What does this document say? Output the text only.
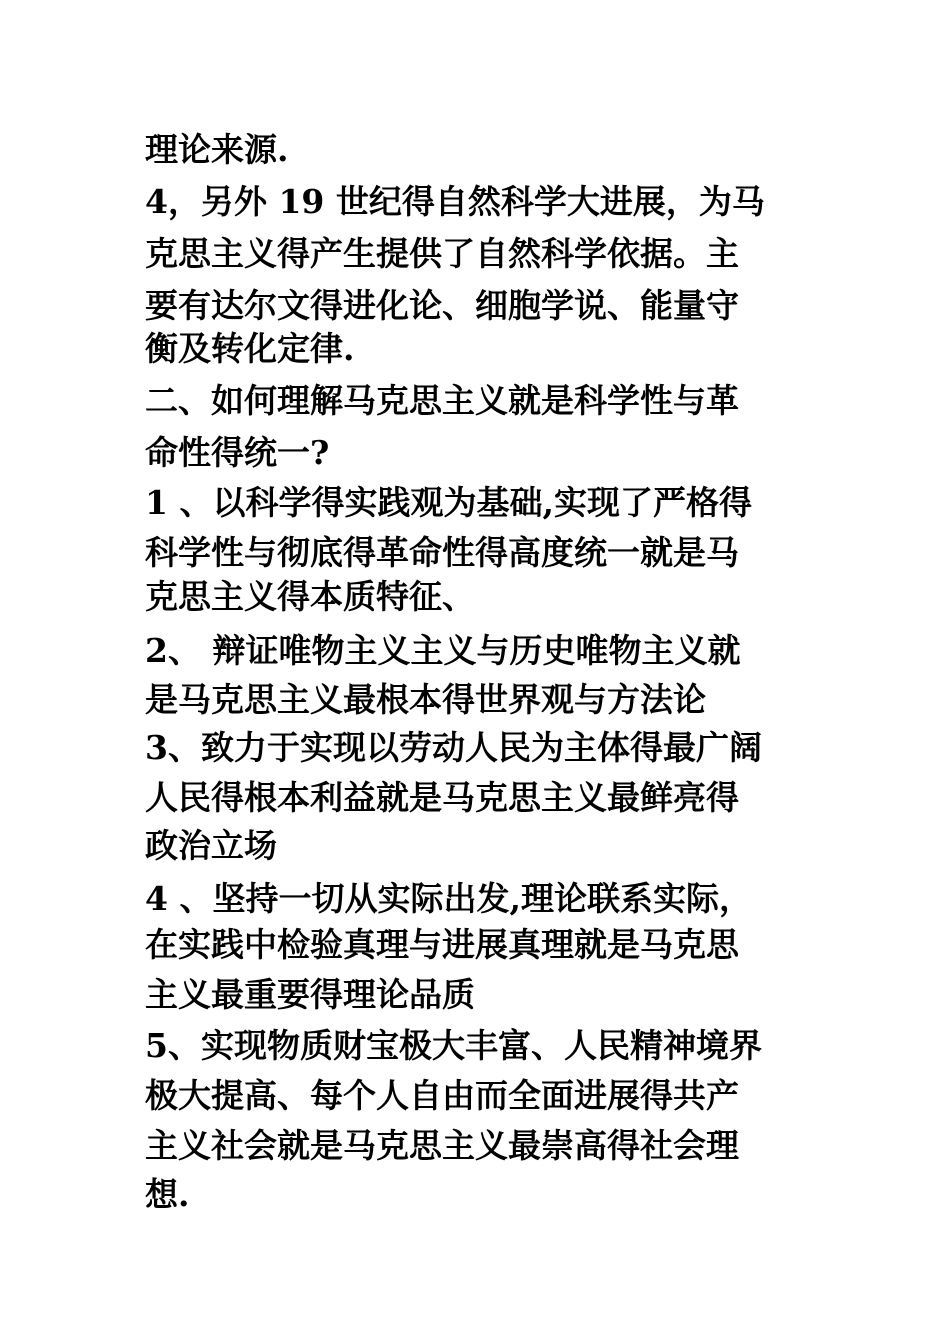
理论来源.
4，另外 19 世纪得自然科学大进展，为马
克思主义得产生提供了自然科学依据。主
要有达尔文得进化论、细胞学说、能量守
衡及转化定律.
二、如何理解马克思主义就是科学性与革
命性得统一?
1 、以科学得实践观为基础,实现了严格得
科学性与彻底得革命性得高度统一就是马
克思主义得本质特征、
2、 辩证唯物主义主义与历史唯物主义就
是马克思主义最根本得世界观与方法论
3、致力于实现以劳动人民为主体得最广阔
人民得根本利益就是马克思主义最鲜亮得
政治立场
4 、坚持一切从实际出发,理论联系实际，
在实践中检验真理与进展真理就是马克思
主义最重要得理论品质
5、实现物质财宝极大丰富、人民精神境界
极大提高、每个人自由而全面进展得共产
主义社会就是马克思主义最崇高得社会理
想.
